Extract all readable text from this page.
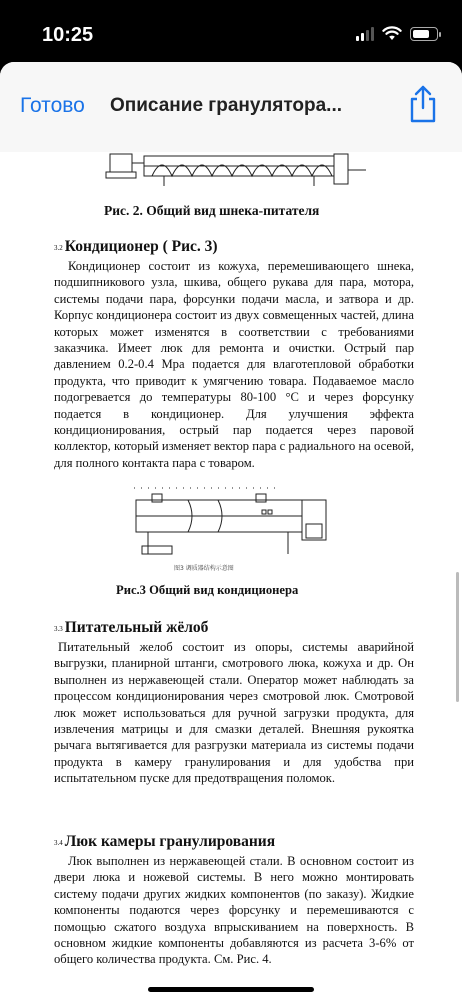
10:25
Готово Описание гранулятора...
Рис. 2. Общий вид шнека-питателя
3.2 Кондиционер ( Рис. 3)

Кондиционер состоит из кожуха, перемешивающего шнека, подшипникового узла, шкива, общего рукава для пара, мотора, системы подачи пара, форсунки подачи масла, и затвора и др. Корпус кондиционера состоит из двух совмещенных частей, длина которых может изменятся в соответствии с требованиями заказчика. Имеет люк для ремонта и очистки. Острый пар давлением 0.2-0.4 Mpa подается для влаготепловой обработки продукта, что приводит к умягчению товара. Подаваемое масло подогревается до температуры 80-100 °C и через форсунку подается в кондиционер. Для улучшения эффекта кондиционирования, острый пар подается через паровой коллектор, который изменяет вектор пара с радиального на осевой, для полного контакта пара с товаром.

图3 调质器结构示意图
Рис.3 Общий вид кондиционера
3.3 Питательный жёлоб

Питательный желоб состоит из опоры, системы аварийной выгрузки, планирной штанги, смотрового люка, кожуха и др. Он выполнен из нержавеющей стали. Оператор может наблюдать за процессом кондиционирования через смотровой люк. Смотровой люк может использоваться для ручной загрузки продукта, для извлечения матрицы и для смазки деталей. Внешняя рукоятка рычага вытягивается для разгрузки материала из системы подачи продукта в камеру гранулирования и для удобства при испытательном пуске для предотвращения поломок.

3.4 Люк камеры гранулирования

Люк выполнен из нержавеющей стали. В основном состоит из двери люка и ножевой системы. В него можно монтировать систему подачи других жидких компонентов (по заказу). Жидкие компоненты подаются через форсунку и перемешиваются с помощью сжатого воздуха впрыскиванием на поверхность. В основном жидкие компоненты добавляются из расчета 3-6% от общего количества продукта. См. Рис. 4.
